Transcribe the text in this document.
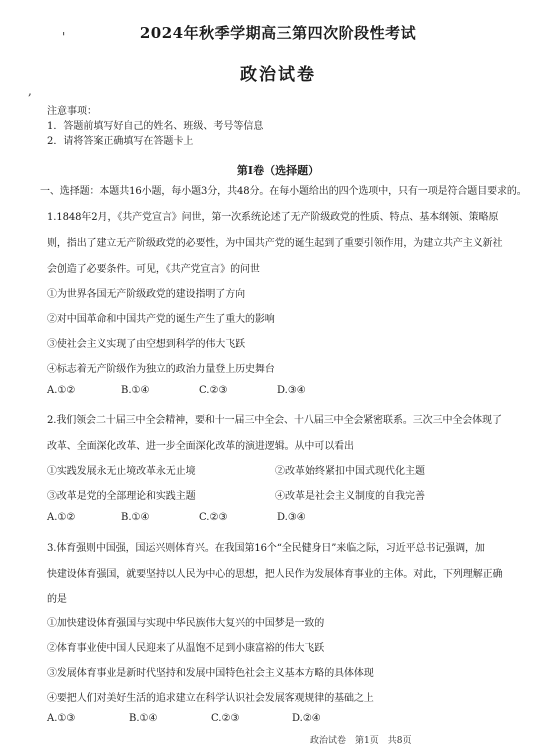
'
,
2024年秋季学期高三第四次阶段性考试
政治试卷
注意事项：
1．答题前填写好自己的姓名、班级、考号等信息
2．请将答案正确填写在答题卡上
第Ⅰ卷（选择题）
一、选择题：本题共16小题，每小题3分，共48分。在每小题给出的四个选项中，只有一项是符合题目要求的。
1.1848年2月，《共产党宣言》问世，第一次系统论述了无产阶级政党的性质、特点、基本纲领、策略原
则，指出了建立无产阶级政党的必要性，为中国共产党的诞生起到了重要引领作用，为建立共产主义新社
会创造了必要条件。可见，《共产党宣言》的问世
①为世界各国无产阶级政党的建设指明了方向
②对中国革命和中国共产党的诞生产生了重大的影响
③使社会主义实现了由空想到科学的伟大飞跃
④标志着无产阶级作为独立的政治力量登上历史舞台
A.①②	B.①④	C.②③	D.③④
2.我们领会二十届三中全会精神，要和十一届三中全会、十八届三中全会紧密联系。三次三中全会体现了
改革、全面深化改革、进一步全面深化改革的演进逻辑。从中可以看出
①实践发展永无止境改革永无止境	②改革始终紧扣中国式现代化主题
③改革是党的全部理论和实践主题	④改革是社会主义制度的自我完善
A.①②	B.①④	C.②③	D.③④
3.体育强则中国强，国运兴则体育兴。在我国第16个“全民健身日”来临之际，习近平总书记强调，加
快建设体育强国，就要坚持以人民为中心的思想，把人民作为发展体育事业的主体。对此，下列理解正确
的是
①加快建设体育强国与实现中华民族伟大复兴的中国梦是一致的
②体育事业使中国人民迎来了从温饱不足到小康富裕的伟大飞跃
③发展体育事业是新时代坚持和发展中国特色社会主义基本方略的具体体现
④要把人们对美好生活的追求建立在科学认识社会发展客观规律的基础之上
A.①③	B.①④	C.②③	D.②④
政治试卷　第1页　共8页
